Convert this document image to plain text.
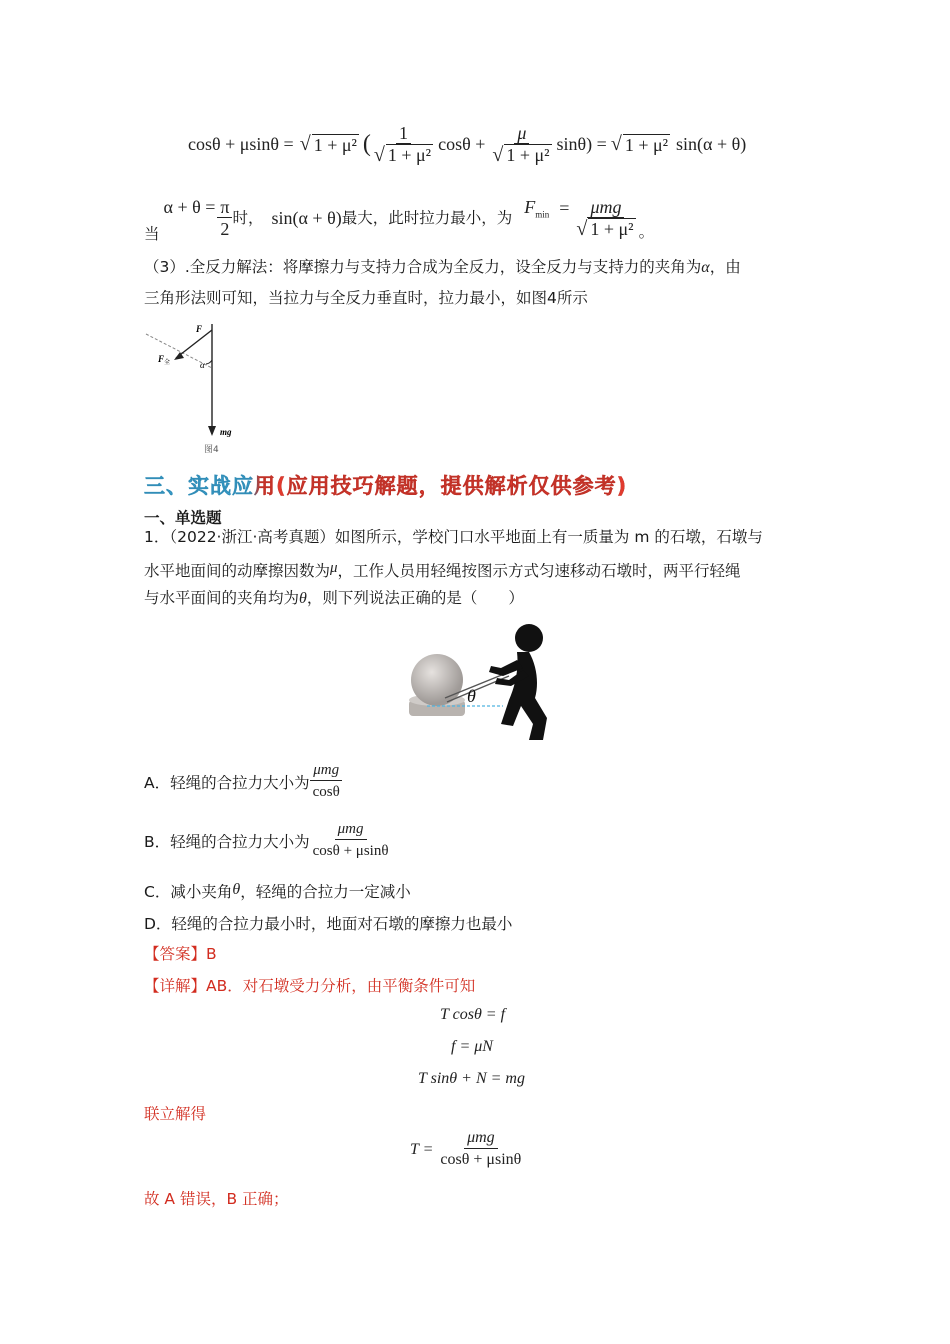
cosθ + μsinθ = √ 1 + μ² ( $\frac{1}{\text{√ 1 + μ²}}$ $\cos\theta + \frac{\mu}{\text{√ 1 + μ²}} \sin\theta$) = √ 1 + μ² sin(α + θ)
当
$\alpha + \theta = \frac{\pi}{2}$ 时， sin(α + θ) 最大，此时拉力最小，为
$F_{min} = \frac{\text{μmg}}{\text{√ 1 + μ²}}$ 。
（3）.全反力解法：将摩擦力与支持力合成为全反力，设全反力与支持力的夹角为α，由
三角形法则可知，当拉力与全反力垂直时，拉力最小，如图4所示
F
F 全	α
mg
图4
三、实战应用(应用技巧解题，提供解析仅供参考)
一、单选题
1．（2022·浙江·高考真题）如图所示，学校门口水平地面上有一质量为 m 的石墩，石墩与
水平地面间的动摩擦因数为μ，工作人员用轻绳按图示方式匀速移动石墩时，两平行轻绳
与水平面间的夹角均为θ，则下列说法正确的是（　　）
θ
A．轻绳的合拉力大小为 $\frac{\text{μmg}}{\cos\theta}$
B．轻绳的合拉力大小为 $\frac{\text{μmg}}{\cos\theta + \mu\sin\theta}$
C．减小夹角θ，轻绳的合拉力一定减小
D．轻绳的合拉力最小时，地面对石墩的摩擦力也最小
【答案】B
【详解】AB．对石墩受力分析，由平衡条件可知
T cosθ = f
f = μN
T sinθ + N = mg
联立解得
$T = \frac{\text{μmg}}{\cos\theta + \mu\sin\theta}$
故 A 错误，B 正确；
